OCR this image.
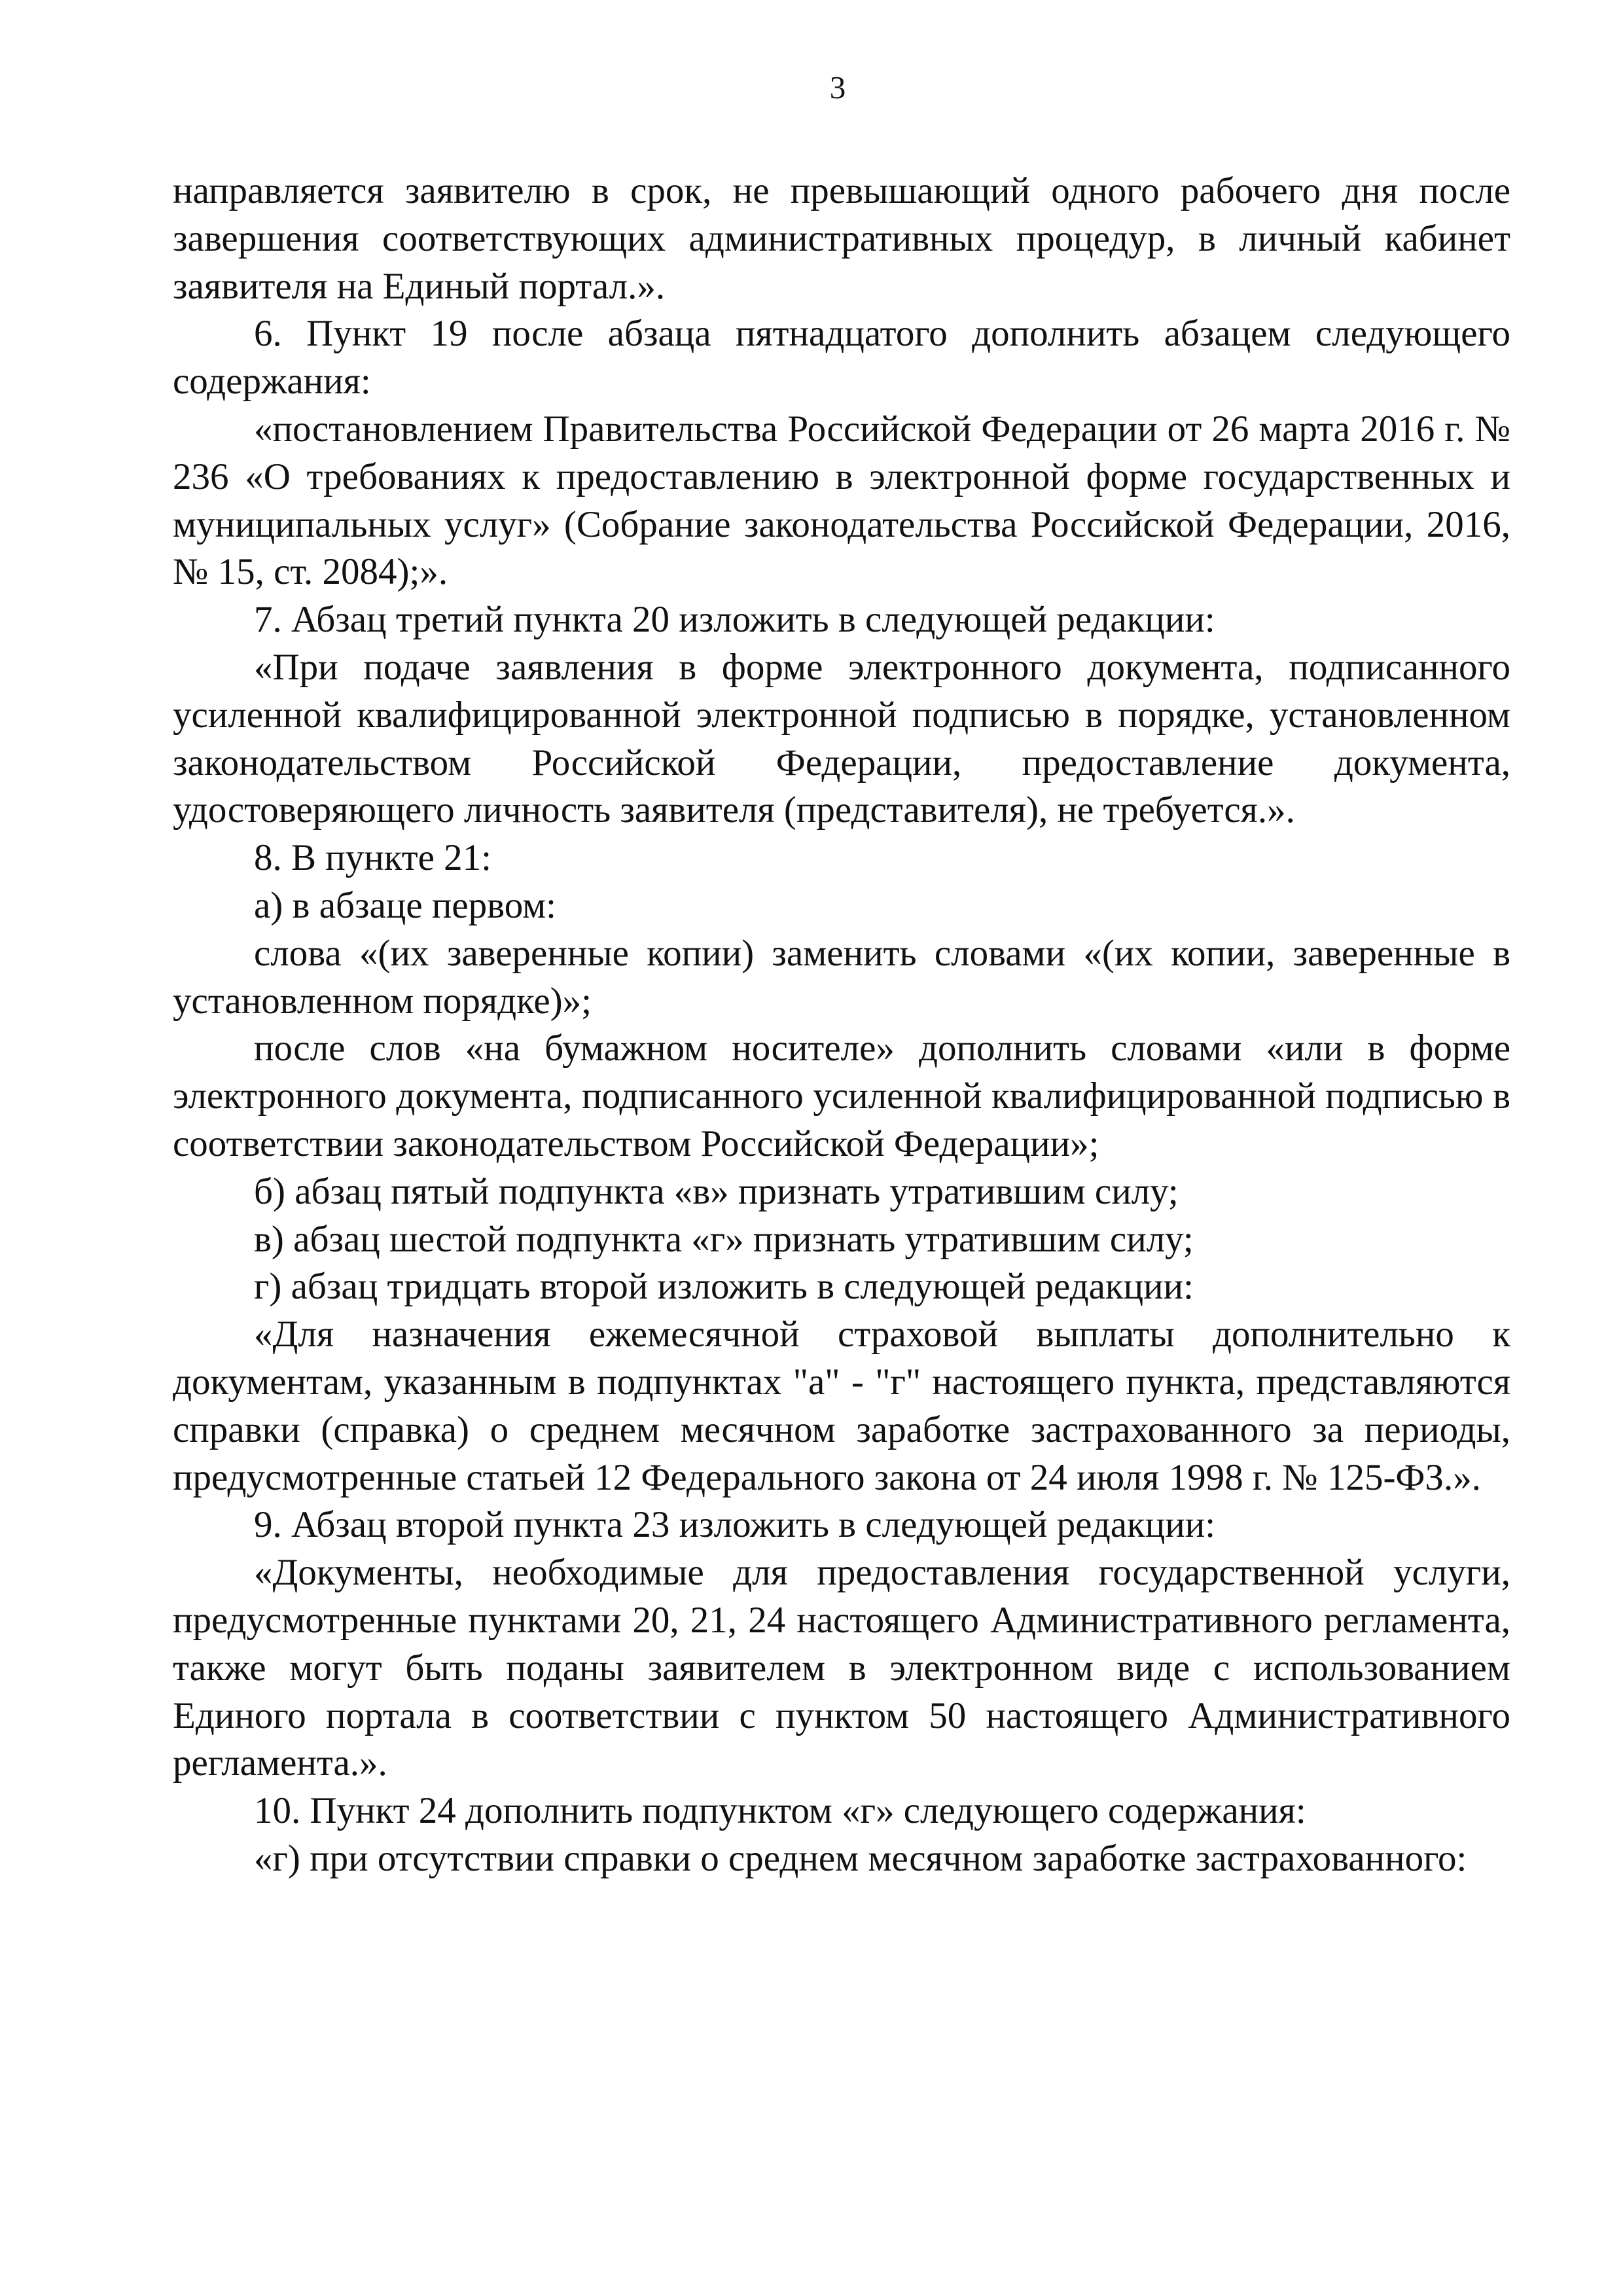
3

направляется заявителю в срок, не превышающий одного рабочего дня после завершения соответствующих административных процедур, в личный кабинет заявителя на Единый портал.».

6. Пункт 19 после абзаца пятнадцатого дополнить абзацем следующего содержания:

«постановлением Правительства Российской Федерации от 26 марта 2016 г. № 236 «О требованиях к предоставлению в электронной форме государственных и муниципальных услуг» (Собрание законодательства Российской Федерации, 2016, № 15, ст. 2084);».

7. Абзац третий пункта 20 изложить в следующей редакции:

«При подаче заявления в форме электронного документа, подписанного усиленной квалифицированной электронной подписью в порядке, установленном законодательством Российской Федерации, предоставление документа, удостоверяющего личность заявителя (представителя), не требуется.».

8. В пункте 21:

а) в абзаце первом:

слова «(их заверенные копии) заменить словами «(их копии, заверенные в установленном порядке)»;

после слов «на бумажном носителе» дополнить словами «или в форме электронного документа, подписанного усиленной квалифицированной подписью в соответствии законодательством Российской Федерации»;

б) абзац пятый подпункта «в» признать утратившим силу;

в) абзац шестой подпункта «г» признать утратившим силу;

г) абзац тридцать второй изложить в следующей редакции:

«Для назначения ежемесячной страховой выплаты дополнительно к документам, указанным в подпунктах "а" - "г" настоящего пункта, представляются справки (справка) о среднем месячном заработке застрахованного за периоды, предусмотренные статьей 12 Федерального закона от 24 июля 1998 г. № 125-ФЗ.».

9. Абзац второй пункта 23 изложить в следующей редакции:

«Документы, необходимые для предоставления государственной услуги, предусмотренные пунктами 20, 21, 24 настоящего Административного регламента, также могут быть поданы заявителем в электронном виде с использованием Единого портала в соответствии с пунктом 50 настоящего Административного регламента.».

10. Пункт 24 дополнить подпунктом «г» следующего содержания:

«г) при отсутствии справки о среднем месячном заработке застрахованного:
